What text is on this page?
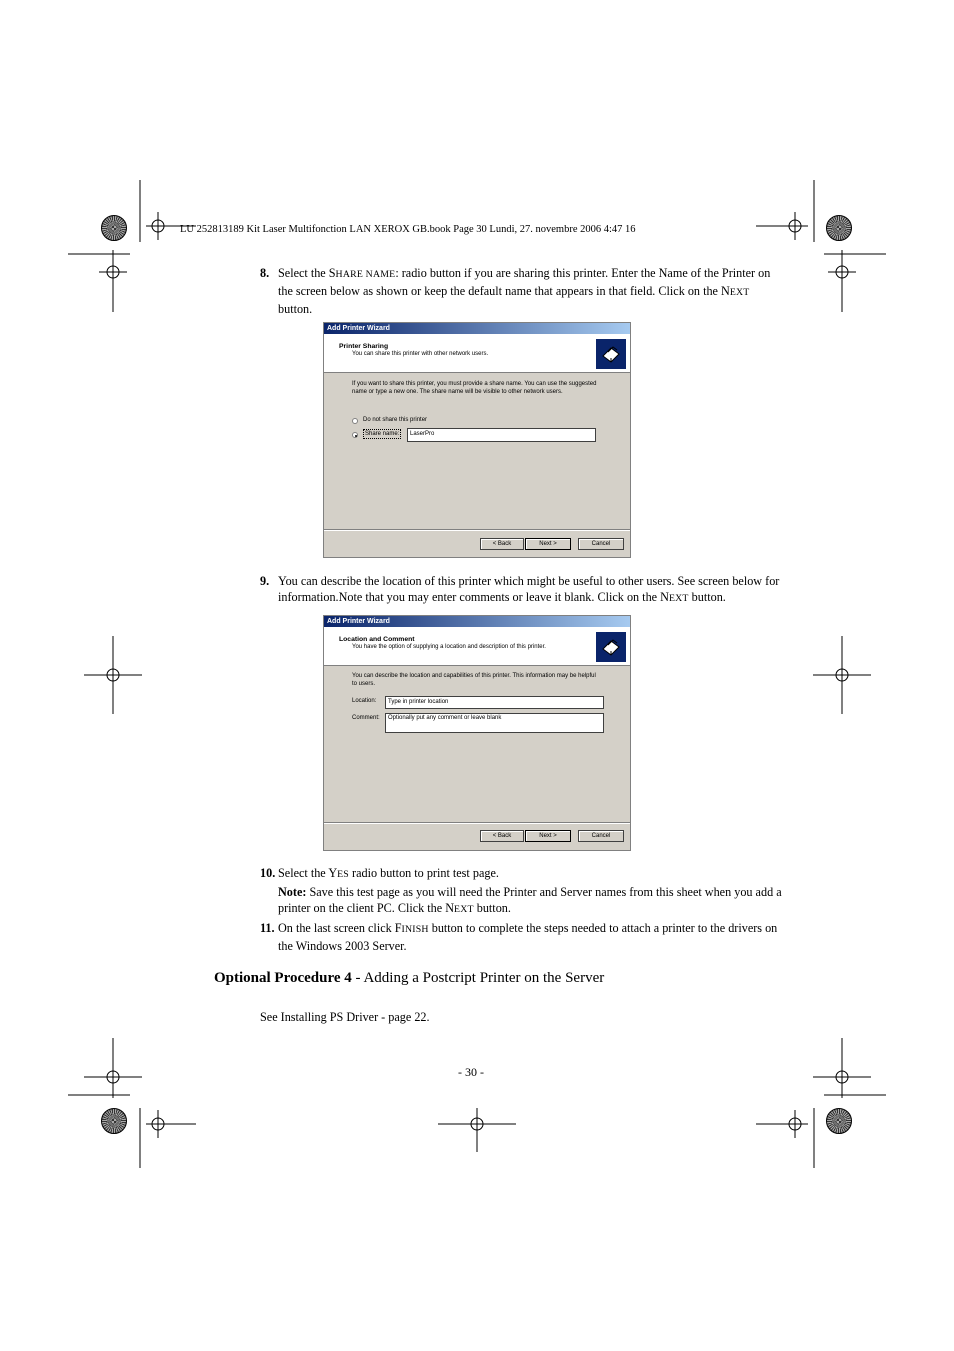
LU 252813189 Kit Laser Multifonction LAN XEROX GB.book Page 30 Lundi, 27. novembre 2006 4:47 16
8. Select the SHARE NAME: radio button if you are sharing this printer. Enter the Name of the Printer on the screen below as shown or keep the default name that appears in that field. Click on the NEXT button.
Add Printer Wizard
Printer Sharing
You can share this printer with other network users.
If you want to share this printer, you must provide a share name. You can use the suggested name or type a new one. The share name will be visible to other network users.
Do not share this printer
Share name:	LaserPro
< Back	Next >	Cancel
9. You can describe the location of this printer which might be useful to other users. See screen below for information.Note that you may enter comments or leave it blank. Click on the NEXT button.
Add Printer Wizard
Location and Comment
You have the option of supplying a location and description of this printer.
You can describe the location and capabilities of this printer. This information may be helpful to users.
Location:	Type in printer location
Comment:	Optionally put any comment or leave blank
< Back	Next >	Cancel
10. Select the YES radio button to print test page.
Note: Save this test page as you will need the Printer and Server names from this sheet when you add a printer on the client PC. Click the NEXT button.
11. On the last screen click FINISH button to complete the steps needed to attach a printer to the drivers on the Windows 2003 Server.
Optional Procedure 4 - Adding a Postcript Printer on the Server
See Installing PS Driver - page 22.
- 30 -
